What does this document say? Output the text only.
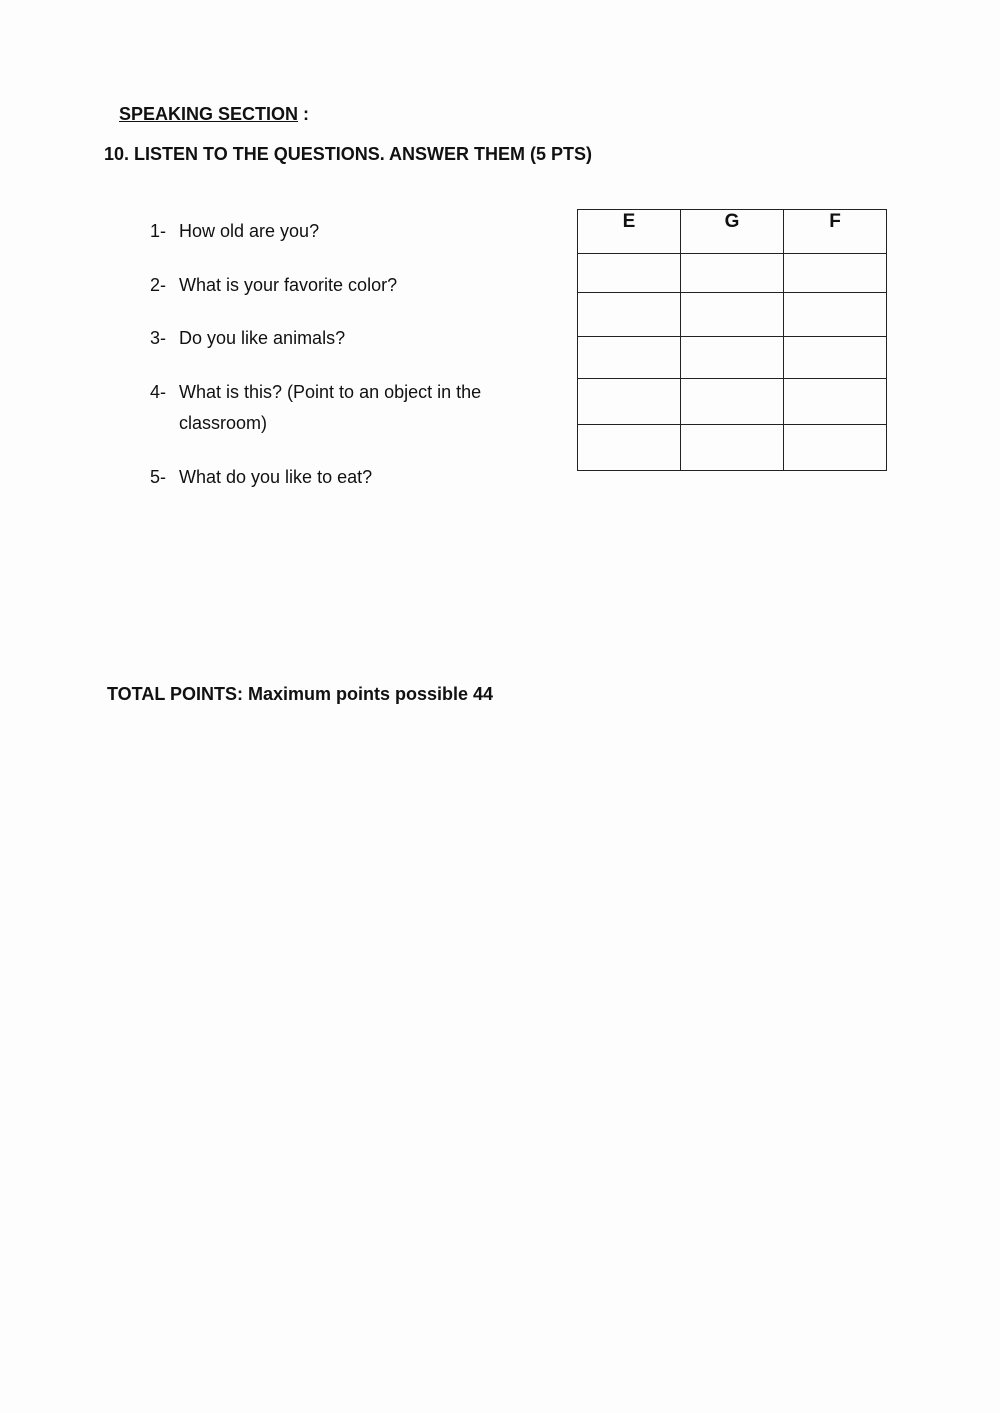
SPEAKING SECTION :

10. LISTEN TO THE QUESTIONS. ANSWER THEM (5 PTS)

1- How old are you?
2- What is your favorite color?
3- Do you like animals?
4- What is this? (Point to an object in the classroom)
5- What do you like to eat?
E	G	F

TOTAL POINTS: Maximum points possible 44
